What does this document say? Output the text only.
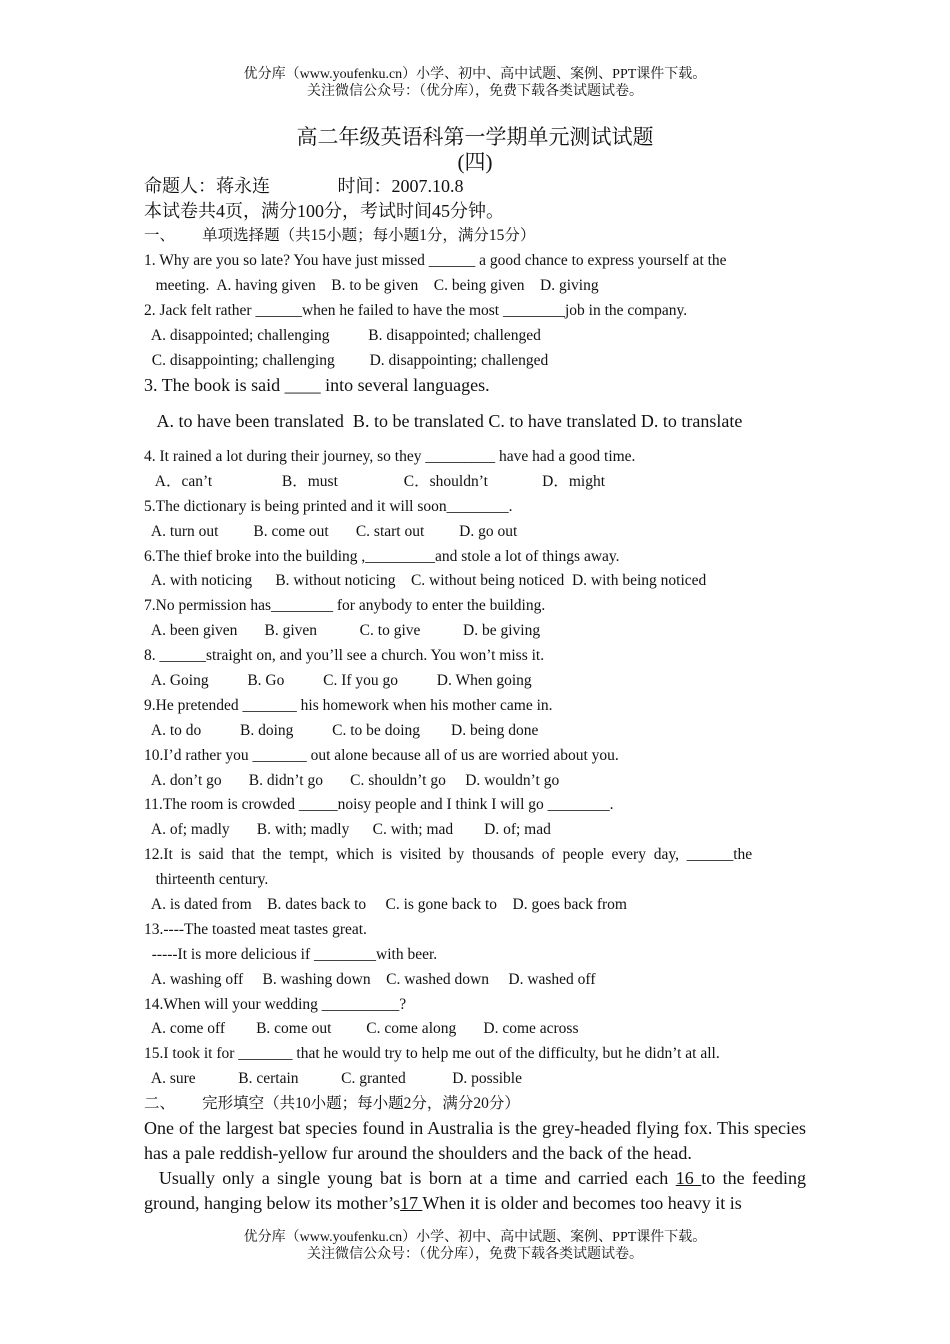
优分库（www.youfenku.cn）小学、初中、高中试题、案例、PPT课件下载。
关注微信公众号：（优分库），免费下载各类试题试卷。
高二年级英语科第一学期单元测试试题
(四)
命题人：蒋永连               时间：2007.10.8
本试卷共4页，满分100分，考试时间45分钟。
一、       单项选择题（共15小题；每小题1分，满分15分）
1. Why are you so late? You have just missed ______ a good chance to express yourself at the
meeting.  A. having given    B. to be given    C. being given    D. giving
2. Jack felt rather ______when he failed to have the most ________job in the company.
A. disappointed; challenging          B. disappointed; challenged
C. disappointing; challenging         D. disappointing; challenged
3. The book is said ____ into several languages.
A. to have been translated  B. to be translated C. to have translated D. to translate
4. It rained a lot during their journey, so they _________ have had a good time.
A．can’t                  B．must                 C．shouldn’t              D．might
5.The dictionary is being printed and it will soon________.
A. turn out         B. come out       C. start out         D. go out
6.The thief broke into the building ,_________and stole a lot of things away.
A. with noticing      B. without noticing    C. without being noticed  D. with being noticed
7.No permission has________ for anybody to enter the building.
A. been given       B. given           C. to give           D. be giving
8. ______straight on, and you’ll see a church. You won’t miss it.
A. Going          B. Go          C. If you go          D. When going
9.He pretended _______ his homework when his mother came in.
A. to do          B. doing          C. to be doing        D. being done
10.I’d rather you _______ out alone because all of us are worried about you.
A. don’t go       B. didn’t go       C. shouldn’t go     D. wouldn’t go
11.The room is crowded _____noisy people and I think I will go ________.
A. of; madly       B. with; madly      C. with; mad        D. of; mad
12.It  is  said  that  the  tempt,  which  is  visited  by  thousands  of  people  every  day,  ______the
thirteenth century.
A. is dated from    B. dates back to     C. is gone back to    D. goes back from
13.----The toasted meat tastes great.
-----It is more delicious if ________with beer.
A. washing off     B. washing down    C. washed down     D. washed off
14.When will your wedding __________?
A. come off        B. come out         C. come along       D. come across
15.I took it for _______ that he would try to help me out of the difficulty, but he didn’t at all.
A. sure           B. certain           C. granted            D. possible
二、       完形填空（共10小题；每小题2分，满分20分）
One of the largest bat species found in Australia is the grey-headed flying fox. This species has a pale reddish-yellow fur around the shoulders and the back of the head.
Usually only a single young bat is born at a time and carried each 16 to the feeding ground, hanging below its mother’s17 When it is older and becomes too heavy it is
优分库（www.youfenku.cn）小学、初中、高中试题、案例、PPT课件下载。
关注微信公众号：（优分库），免费下载各类试题试卷。
